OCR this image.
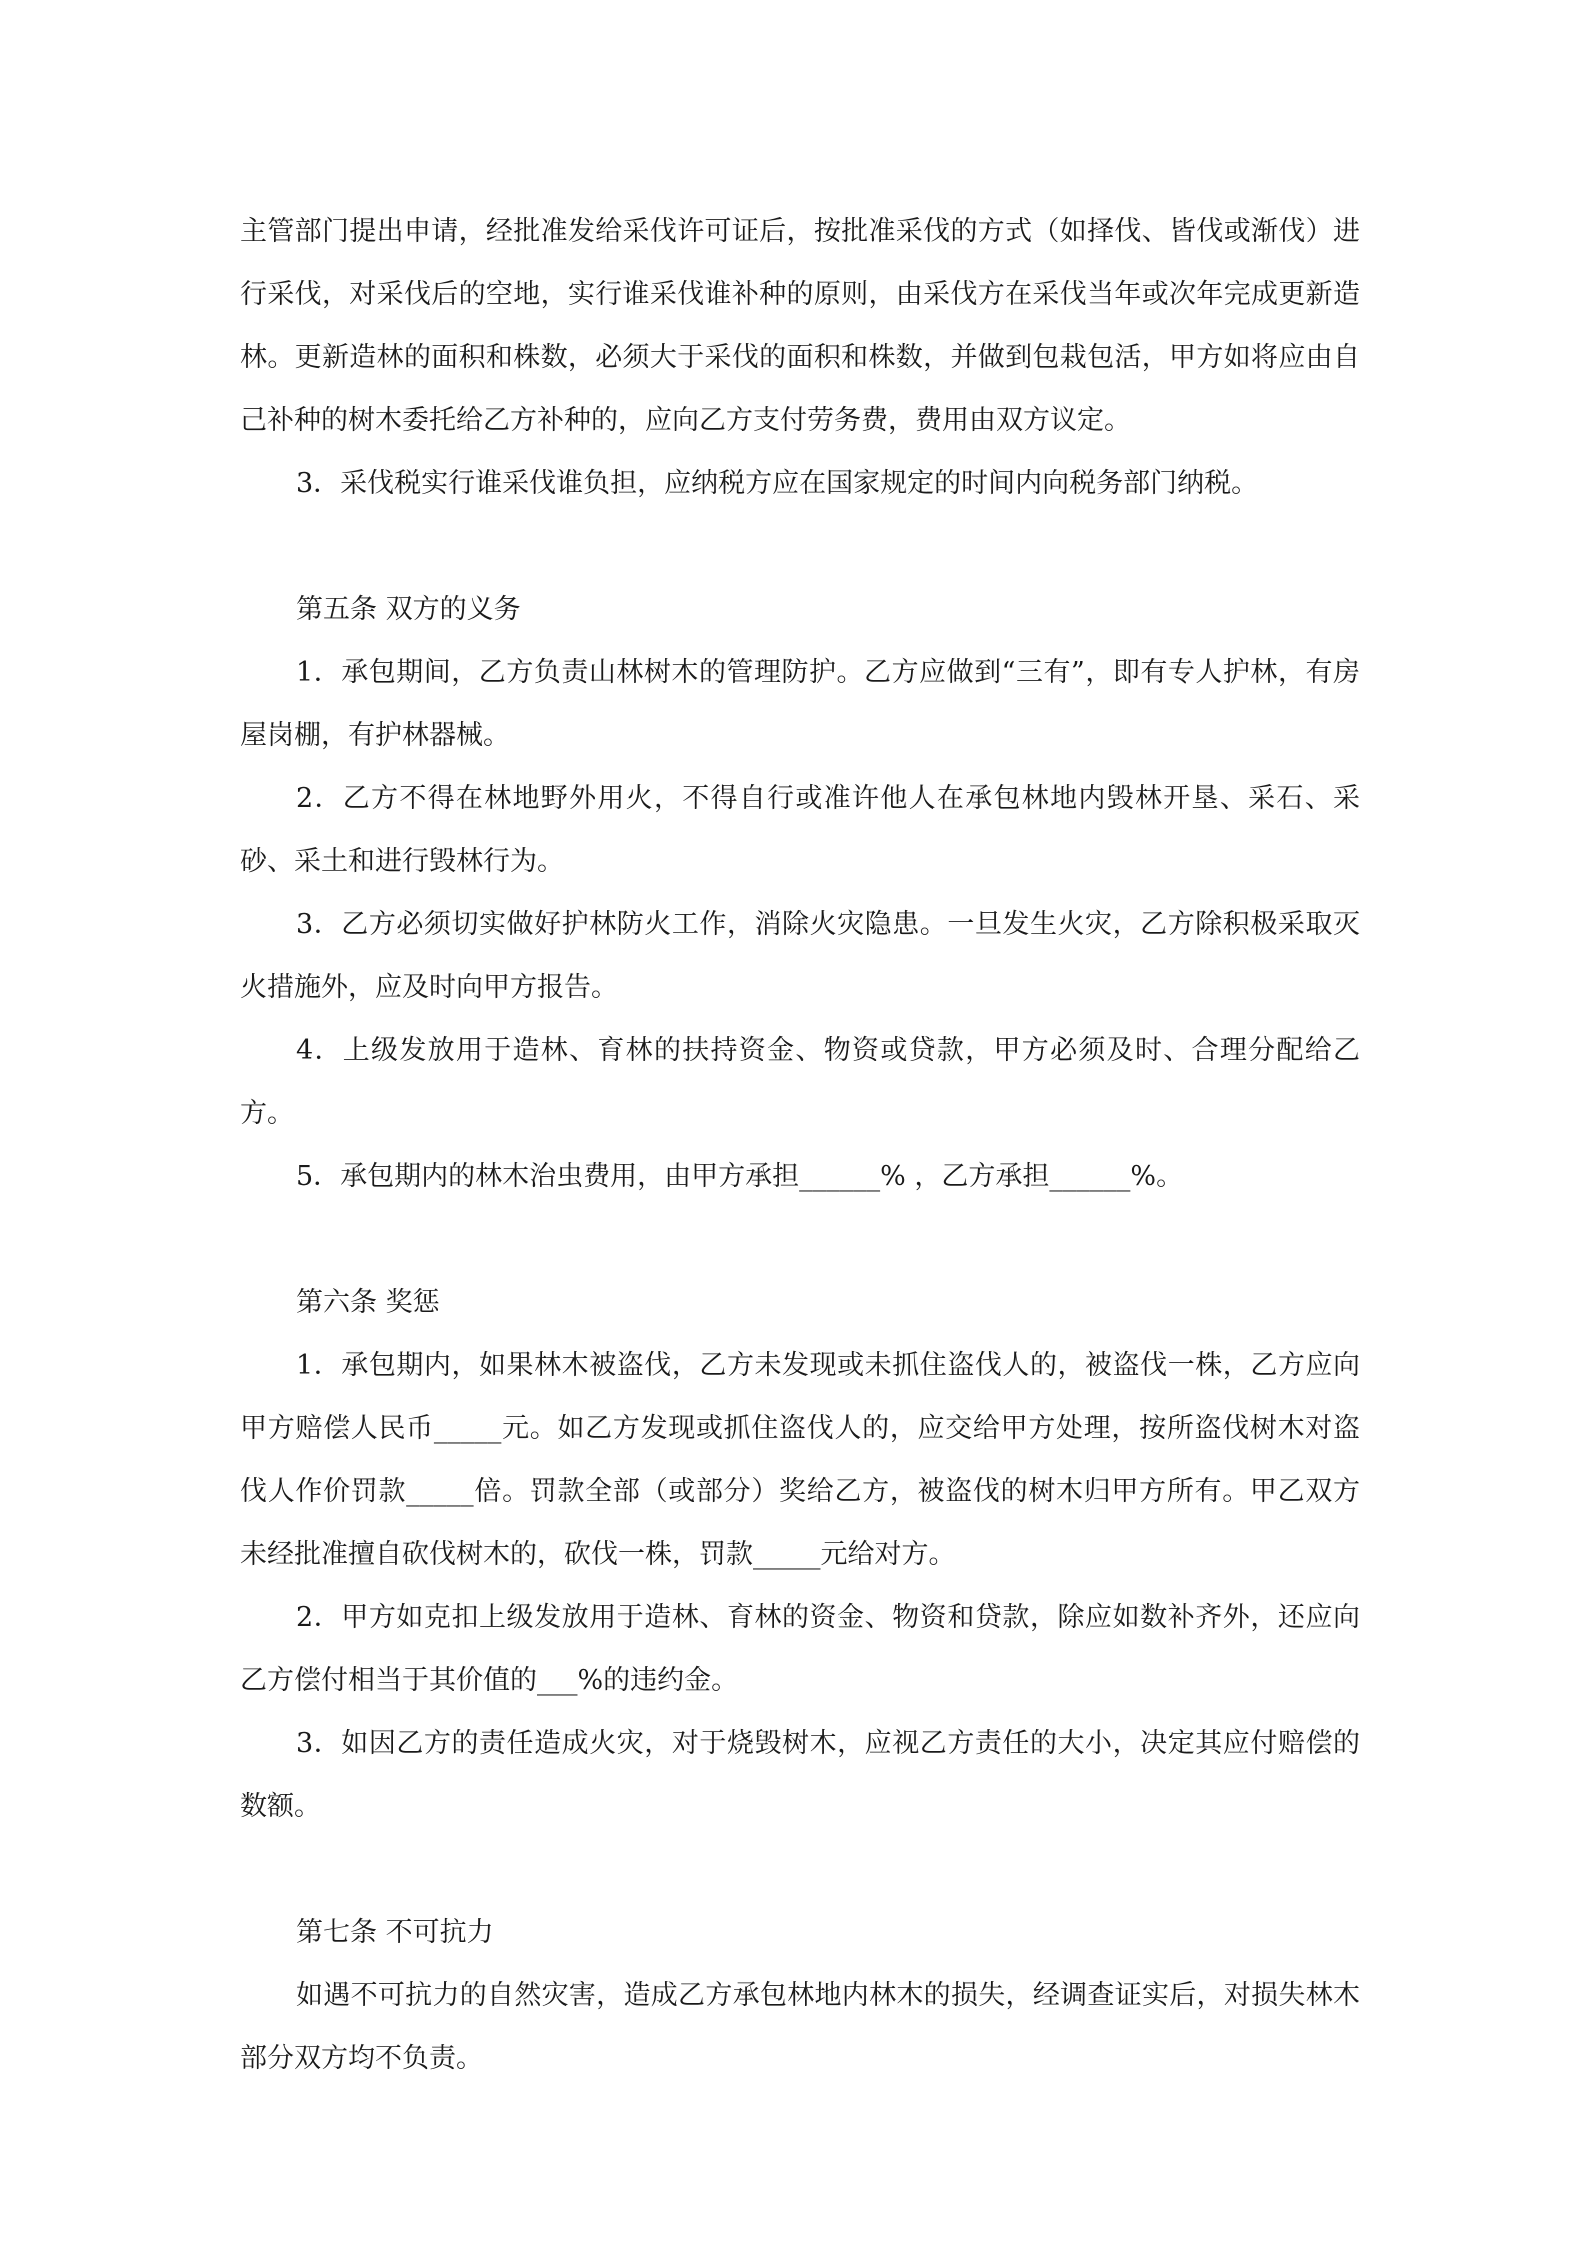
主管部门提出申请，经批准发给采伐许可证后，按批准采伐的方式（如择伐、皆伐或渐伐）进行采伐，对采伐后的空地，实行谁采伐谁补种的原则，由采伐方在采伐当年或次年完成更新造林。更新造林的面积和株数，必须大于采伐的面积和株数，并做到包栽包活，甲方如将应由自己补种的树木委托给乙方补种的，应向乙方支付劳务费，费用由双方议定。

3．采伐税实行谁采伐谁负担，应纳税方应在国家规定的时间内向税务部门纳税。

第五条 双方的义务

1．承包期间，乙方负责山林树木的管理防护。乙方应做到“三有”，即有专人护林，有房屋岗棚，有护林器械。

2．乙方不得在林地野外用火，不得自行或准许他人在承包林地内毁林开垦、采石、采砂、采土和进行毁林行为。

3．乙方必须切实做好护林防火工作，消除火灾隐患。一旦发生火灾，乙方除积极采取灭火措施外，应及时向甲方报告。

4．上级发放用于造林、育林的扶持资金、物资或贷款，甲方必须及时、合理分配给乙方。

5．承包期内的林木治虫费用，由甲方承担______% ，乙方承担______%。

第六条 奖惩

1．承包期内，如果林木被盗伐，乙方未发现或未抓住盗伐人的，被盗伐一株，乙方应向甲方赔偿人民币_____元。如乙方发现或抓住盗伐人的，应交给甲方处理，按所盗伐树木对盗伐人作价罚款_____倍。罚款全部（或部分）奖给乙方，被盗伐的树木归甲方所有。甲乙双方未经批准擅自砍伐树木的，砍伐一株，罚款_____元给对方。

2．甲方如克扣上级发放用于造林、育林的资金、物资和贷款，除应如数补齐外，还应向乙方偿付相当于其价值的___%的违约金。

3．如因乙方的责任造成火灾，对于烧毁树木，应视乙方责任的大小，决定其应付赔偿的数额。

第七条 不可抗力

如遇不可抗力的自然灾害，造成乙方承包林地内林木的损失，经调查证实后，对损失林木部分双方均不负责。
